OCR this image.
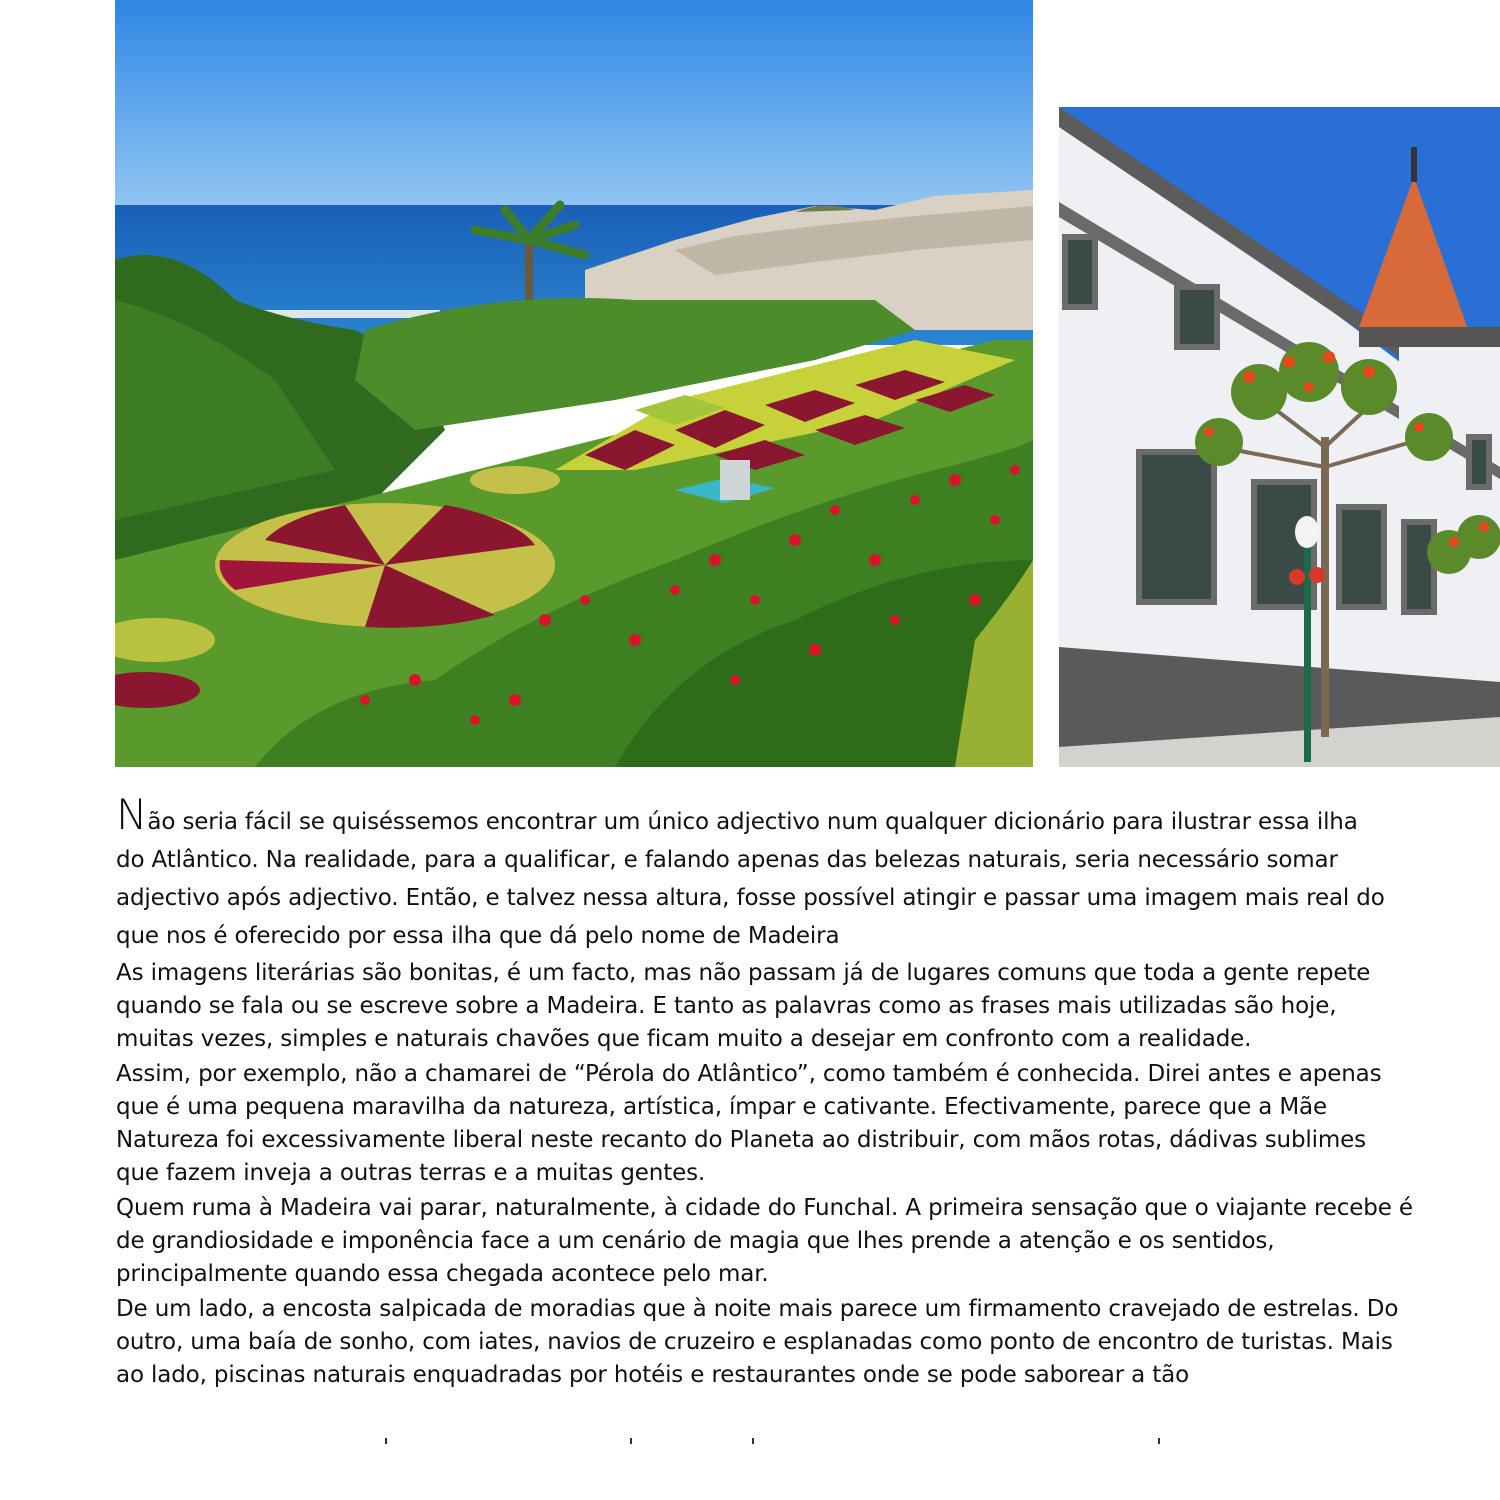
Não seria fácil se quiséssemos encontrar um único adjectivo num qualquer dicionário para ilustrar essa ilha
do Atlântico. Na realidade, para a qualificar, e falando apenas das belezas naturais, seria necessário somar adjectivo após adjectivo. Então, e talvez nessa altura, fosse possível atingir e passar uma imagem mais real do que nos é oferecido por essa ilha que dá pelo nome de Madeira

As imagens literárias são bonitas, é um facto, mas não passam já de lugares comuns que toda a gente repete quando se fala ou se escreve sobre a Madeira. E tanto as palavras como as frases mais utilizadas são hoje, muitas vezes, simples e naturais chavões que ficam muito a desejar em confronto com a realidade.

Assim, por exemplo, não a chamarei de “Pérola do Atlântico”, como também é conhecida. Direi antes e apenas que é uma pequena maravilha da natureza, artística, ímpar e cativante. Efectivamente, parece que a Mãe Natureza foi excessivamente liberal neste recanto do Planeta ao distribuir, com mãos rotas, dádivas sublimes que fazem inveja a outras terras e a muitas gentes.

Quem ruma à Madeira vai parar, naturalmente, à cidade do Funchal. A primeira sensação que o viajante recebe é de grandiosidade e imponência face a um cenário de magia que lhes prende a atenção e os sentidos, principalmente quando essa chegada acontece pelo mar.

De um lado, a encosta salpicada de moradias que à noite mais parece um firmamento cravejado de estrelas. Do outro, uma baía de sonho, com iates, navios de cruzeiro e esplanadas como ponto de encontro de turistas. Mais ao lado, piscinas naturais enquadradas por hotéis e restaurantes onde se pode saborear a tão
